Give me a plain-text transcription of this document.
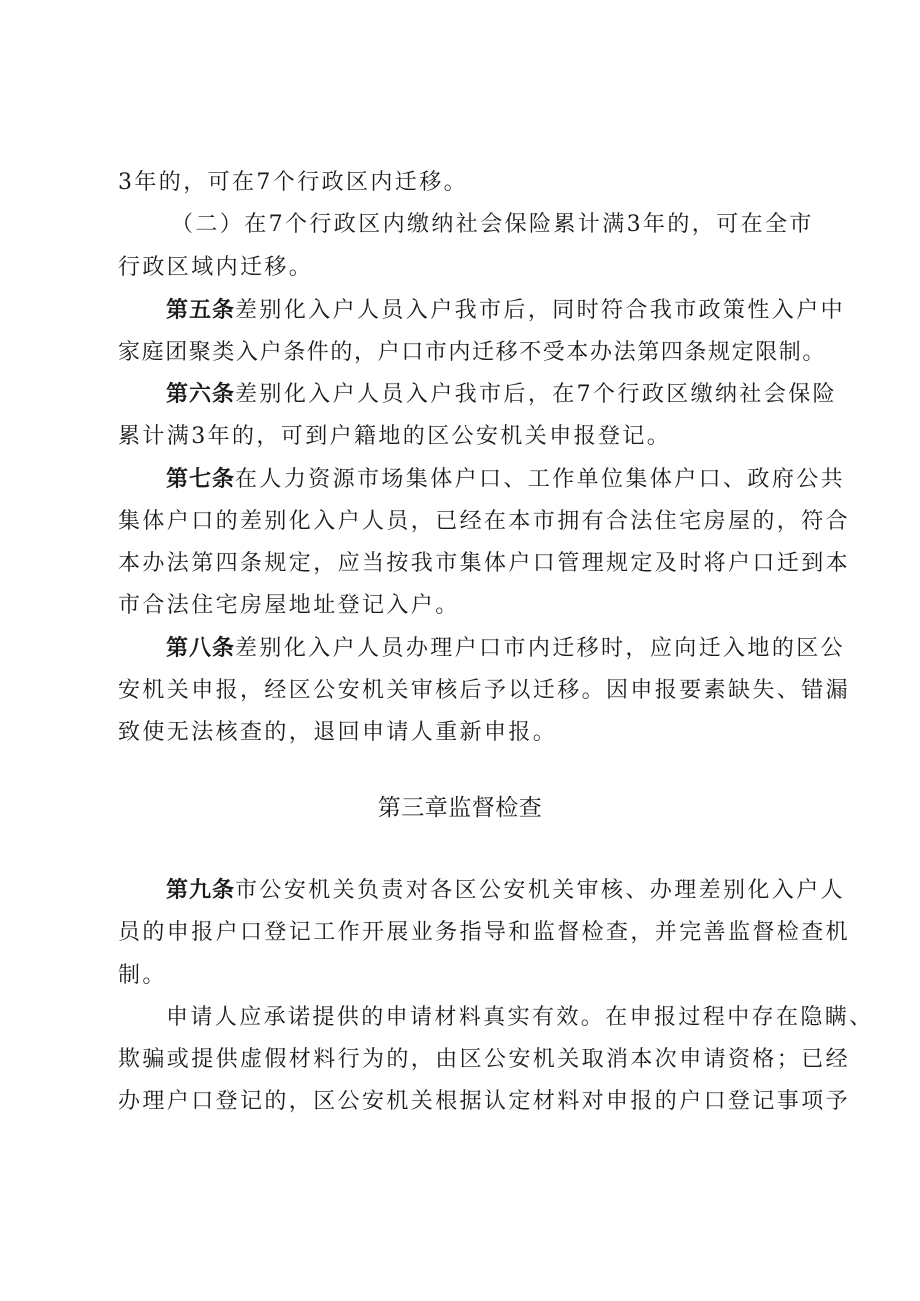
3年的，可在7个行政区内迁移。
（二）在7个行政区内缴纳社会保险累计满3年的，可在全市
行政区域内迁移。
第五条差别化入户人员入户我市后，同时符合我市政策性入户中
家庭团聚类入户条件的，户口市内迁移不受本办法第四条规定限制。
第六条差别化入户人员入户我市后，在7个行政区缴纳社会保险
累计满3年的，可到户籍地的区公安机关申报登记。
第七条在人力资源市场集体户口、工作单位集体户口、政府公共
集体户口的差别化入户人员，已经在本市拥有合法住宅房屋的，符合
本办法第四条规定，应当按我市集体户口管理规定及时将户口迁到本
市合法住宅房屋地址登记入户。
第八条差别化入户人员办理户口市内迁移时，应向迁入地的区公
安机关申报，经区公安机关审核后予以迁移。因申报要素缺失、错漏
致使无法核查的，退回申请人重新申报。
第三章监督检查
第九条市公安机关负责对各区公安机关审核、办理差别化入户人
员的申报户口登记工作开展业务指导和监督检查，并完善监督检查机
制。
申请人应承诺提供的申请材料真实有效。在申报过程中存在隐瞒、
欺骗或提供虚假材料行为的，由区公安机关取消本次申请资格；已经
办理户口登记的，区公安机关根据认定材料对申报的户口登记事项予
